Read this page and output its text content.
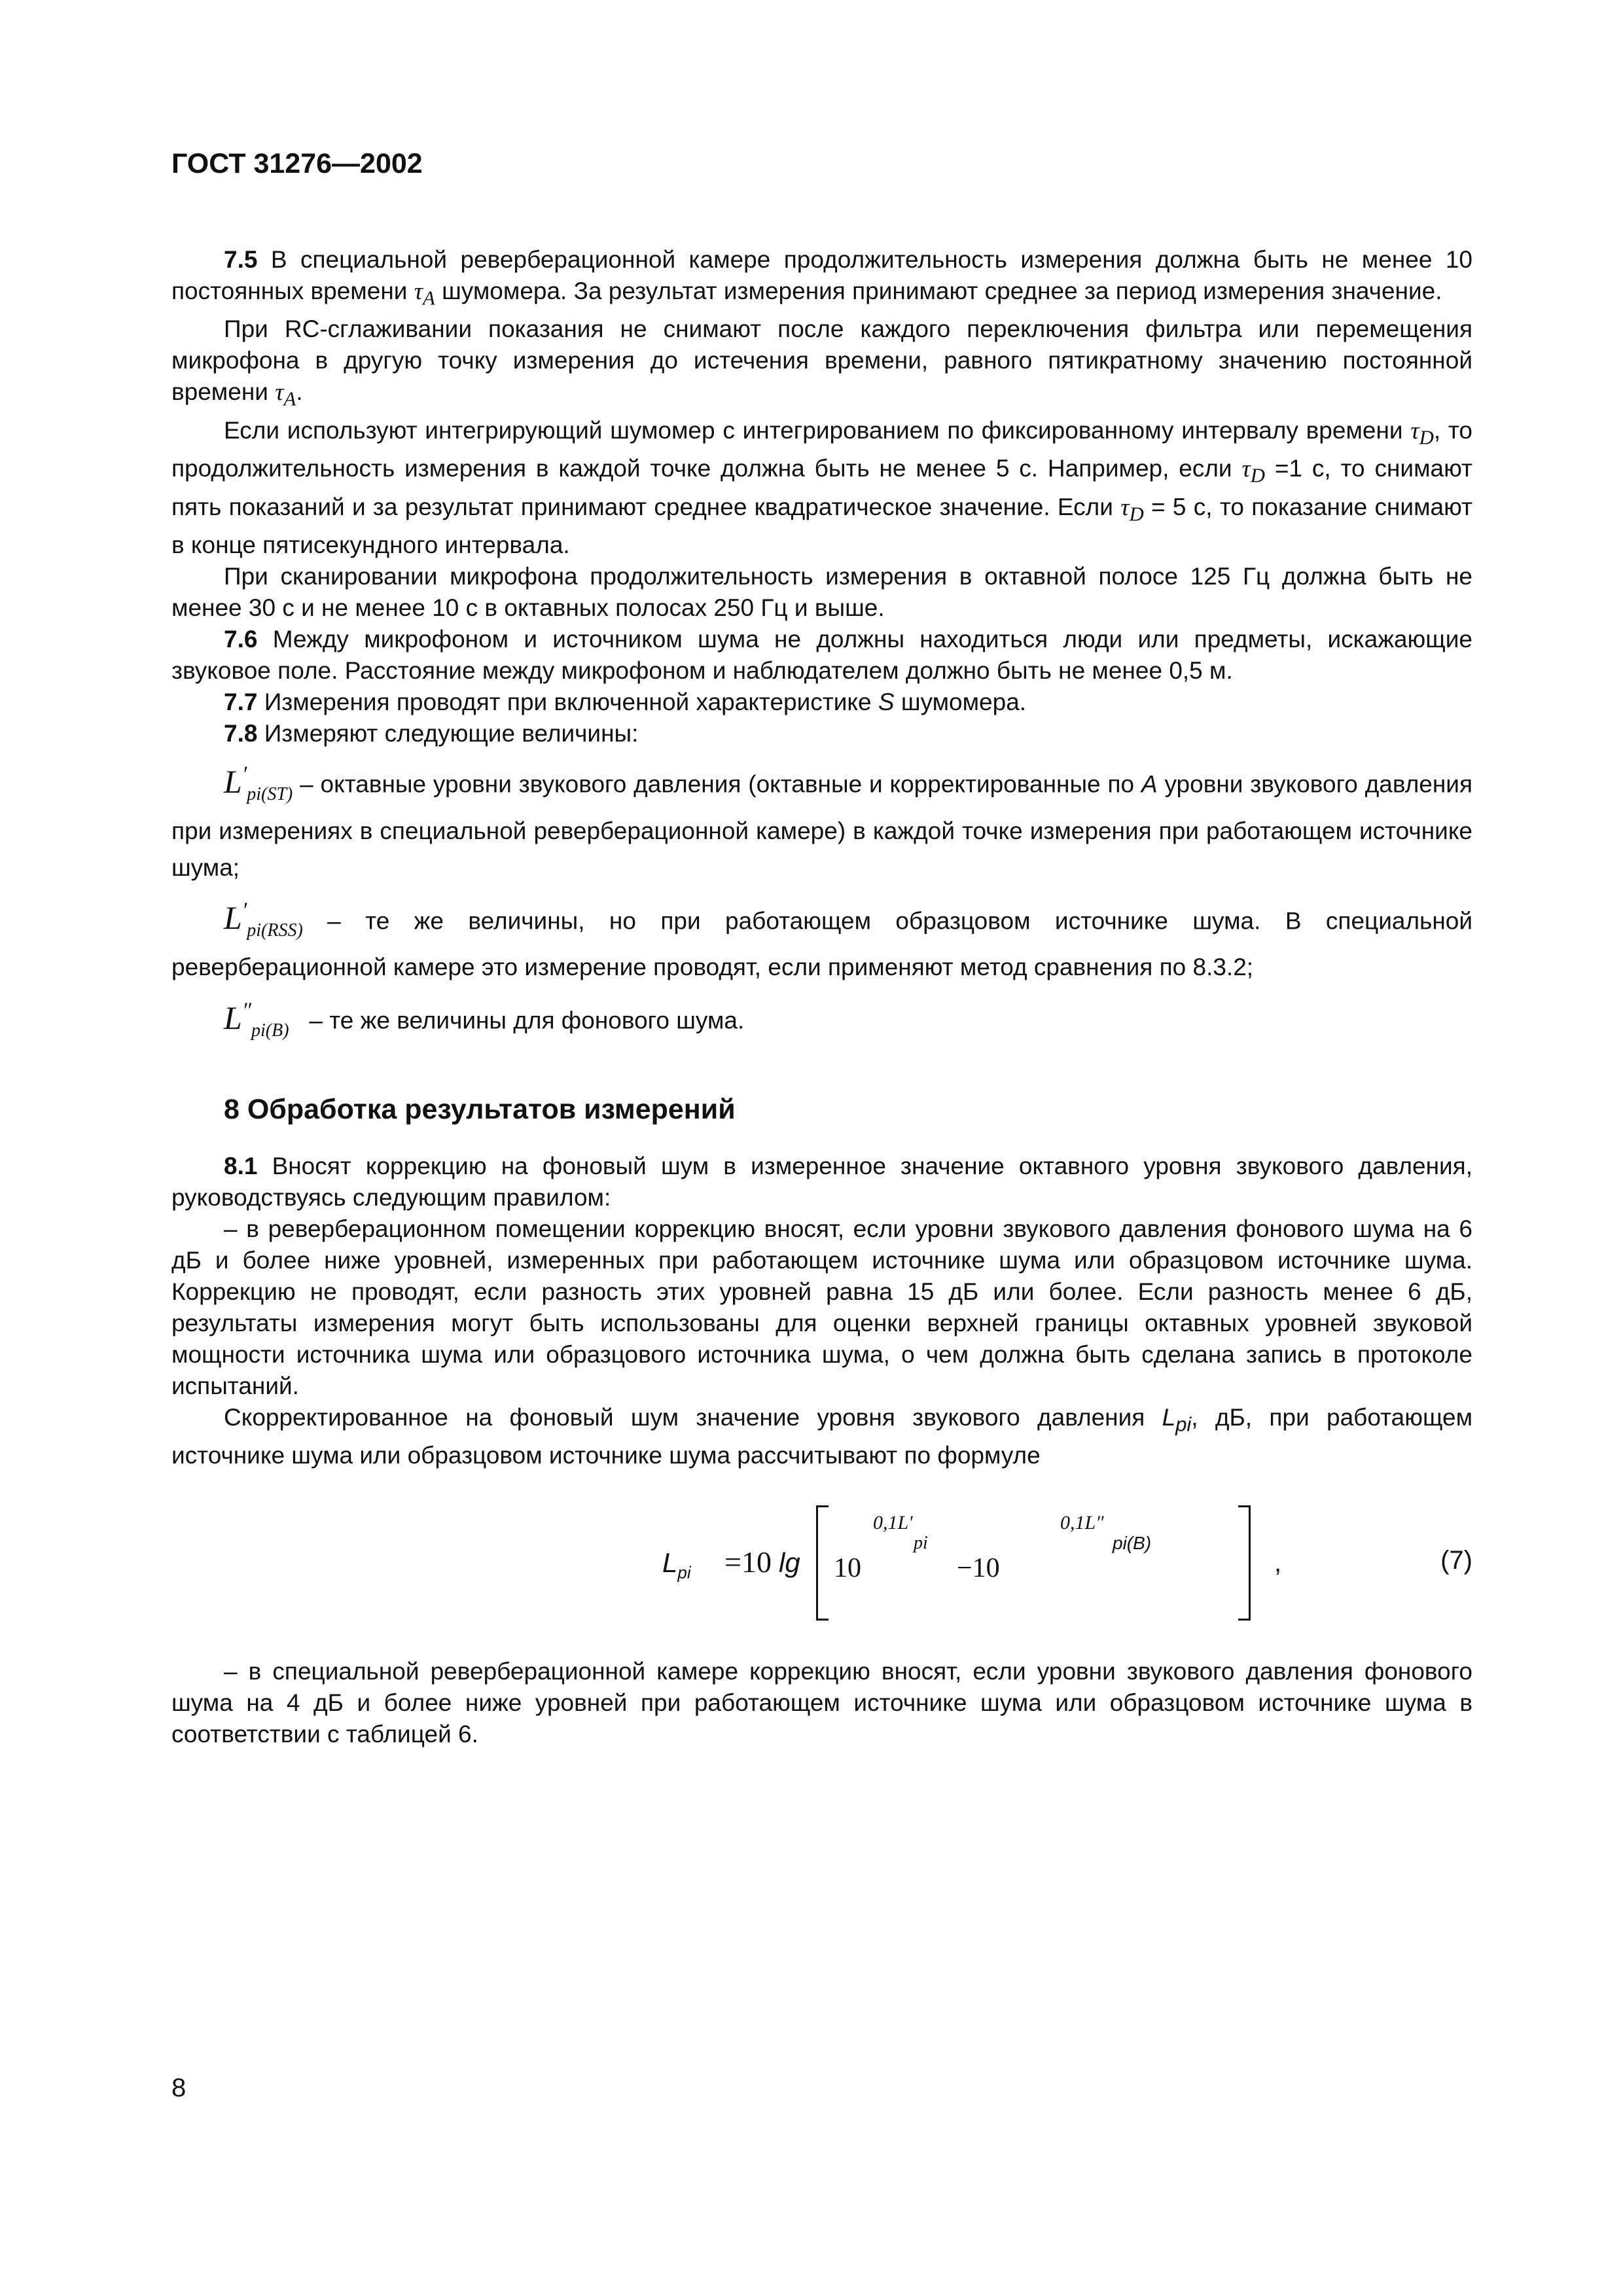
ГОСТ 31276—2002

7.5 В специальной реверберационной камере продолжительность измерения должна быть не менее 10 постоянных времени $\tau_A$ шумомера. За результат измерения принимают среднее за период измерения значение.

При RC-сглаживании показания не снимают после каждого переключения фильтра или перемещения микрофона в другую точку измерения до истечения времени, равного пятикратному значению постоянной времени $\tau_A$.

Если используют интегрирующий шумомер с интегрированием по фиксированному интервалу времени $\tau_D$, то продолжительность измерения в каждой точке должна быть не менее 5 с. Например, если $\tau_D =1$ с, то снимают пять показаний и за результат принимают среднее квадратическое значение. Если $\tau_D = 5$ с, то показание снимают в конце пятисекундного интервала.

При сканировании микрофона продолжительность измерения в октавной полосе 125 Гц должна быть не менее 30 с и не менее 10 с в октавных полосах 250 Гц и выше.

7.6 Между микрофоном и источником шума не должны находиться люди или предметы, искажающие звуковое поле. Расстояние между микрофоном и наблюдателем должно быть не менее 0,5 м.

7.7 Измерения проводят при включенной характеристике S шумомера.

7.8 Измеряют следующие величины:

$L'_{pi(ST)}$ – октавные уровни звукового давления (октавные и корректированные по A уровни звукового давления при измерениях в специальной реверберационной камере) в каждой точке измерения при работающем источнике шума;

$L'_{pi(RSS)}$ – те же величины, но при работающем образцовом источнике шума. В специальной реверберационной камере это измерение проводят, если применяют метод сравнения по 8.3.2;

$L''_{pi(B)}$   – те же величины для фонового шума.

8 Обработка результатов измерений

8.1 Вносят коррекцию на фоновый шум в измеренное значение октавного уровня звукового давления, руководствуясь следующим правилом:

– в реверберационном помещении коррекцию вносят, если уровни звукового давления фонового шума на 6 дБ и более ниже уровней, измеренных при работающем источнике шума или образцовом источнике шума. Коррекцию не проводят, если разность этих уровней равна 15 дБ или более. Если разность менее 6 дБ, результаты измерения могут быть использованы для оценки верхней границы октавных уровней звуковой мощности источника шума или образцового источника шума, о чем должна быть сделана запись в протоколе испытаний.

Скорректированное на фоновый шум значение уровня звукового давления $L_{pi}$, дБ, при работающем источнике шума или образцовом источнике шума рассчитывают по формуле

$L_{pi} =10$ lg 10
0,1L′
pi
−10
0,1L″
pi(B)
,	(7)

– в специальной реверберационной камере коррекцию вносят, если уровни звукового давления фонового шума на 4 дБ и более ниже уровней при работающем источнике шума или образцовом источнике шума в соответствии с таблицей 6.

8
